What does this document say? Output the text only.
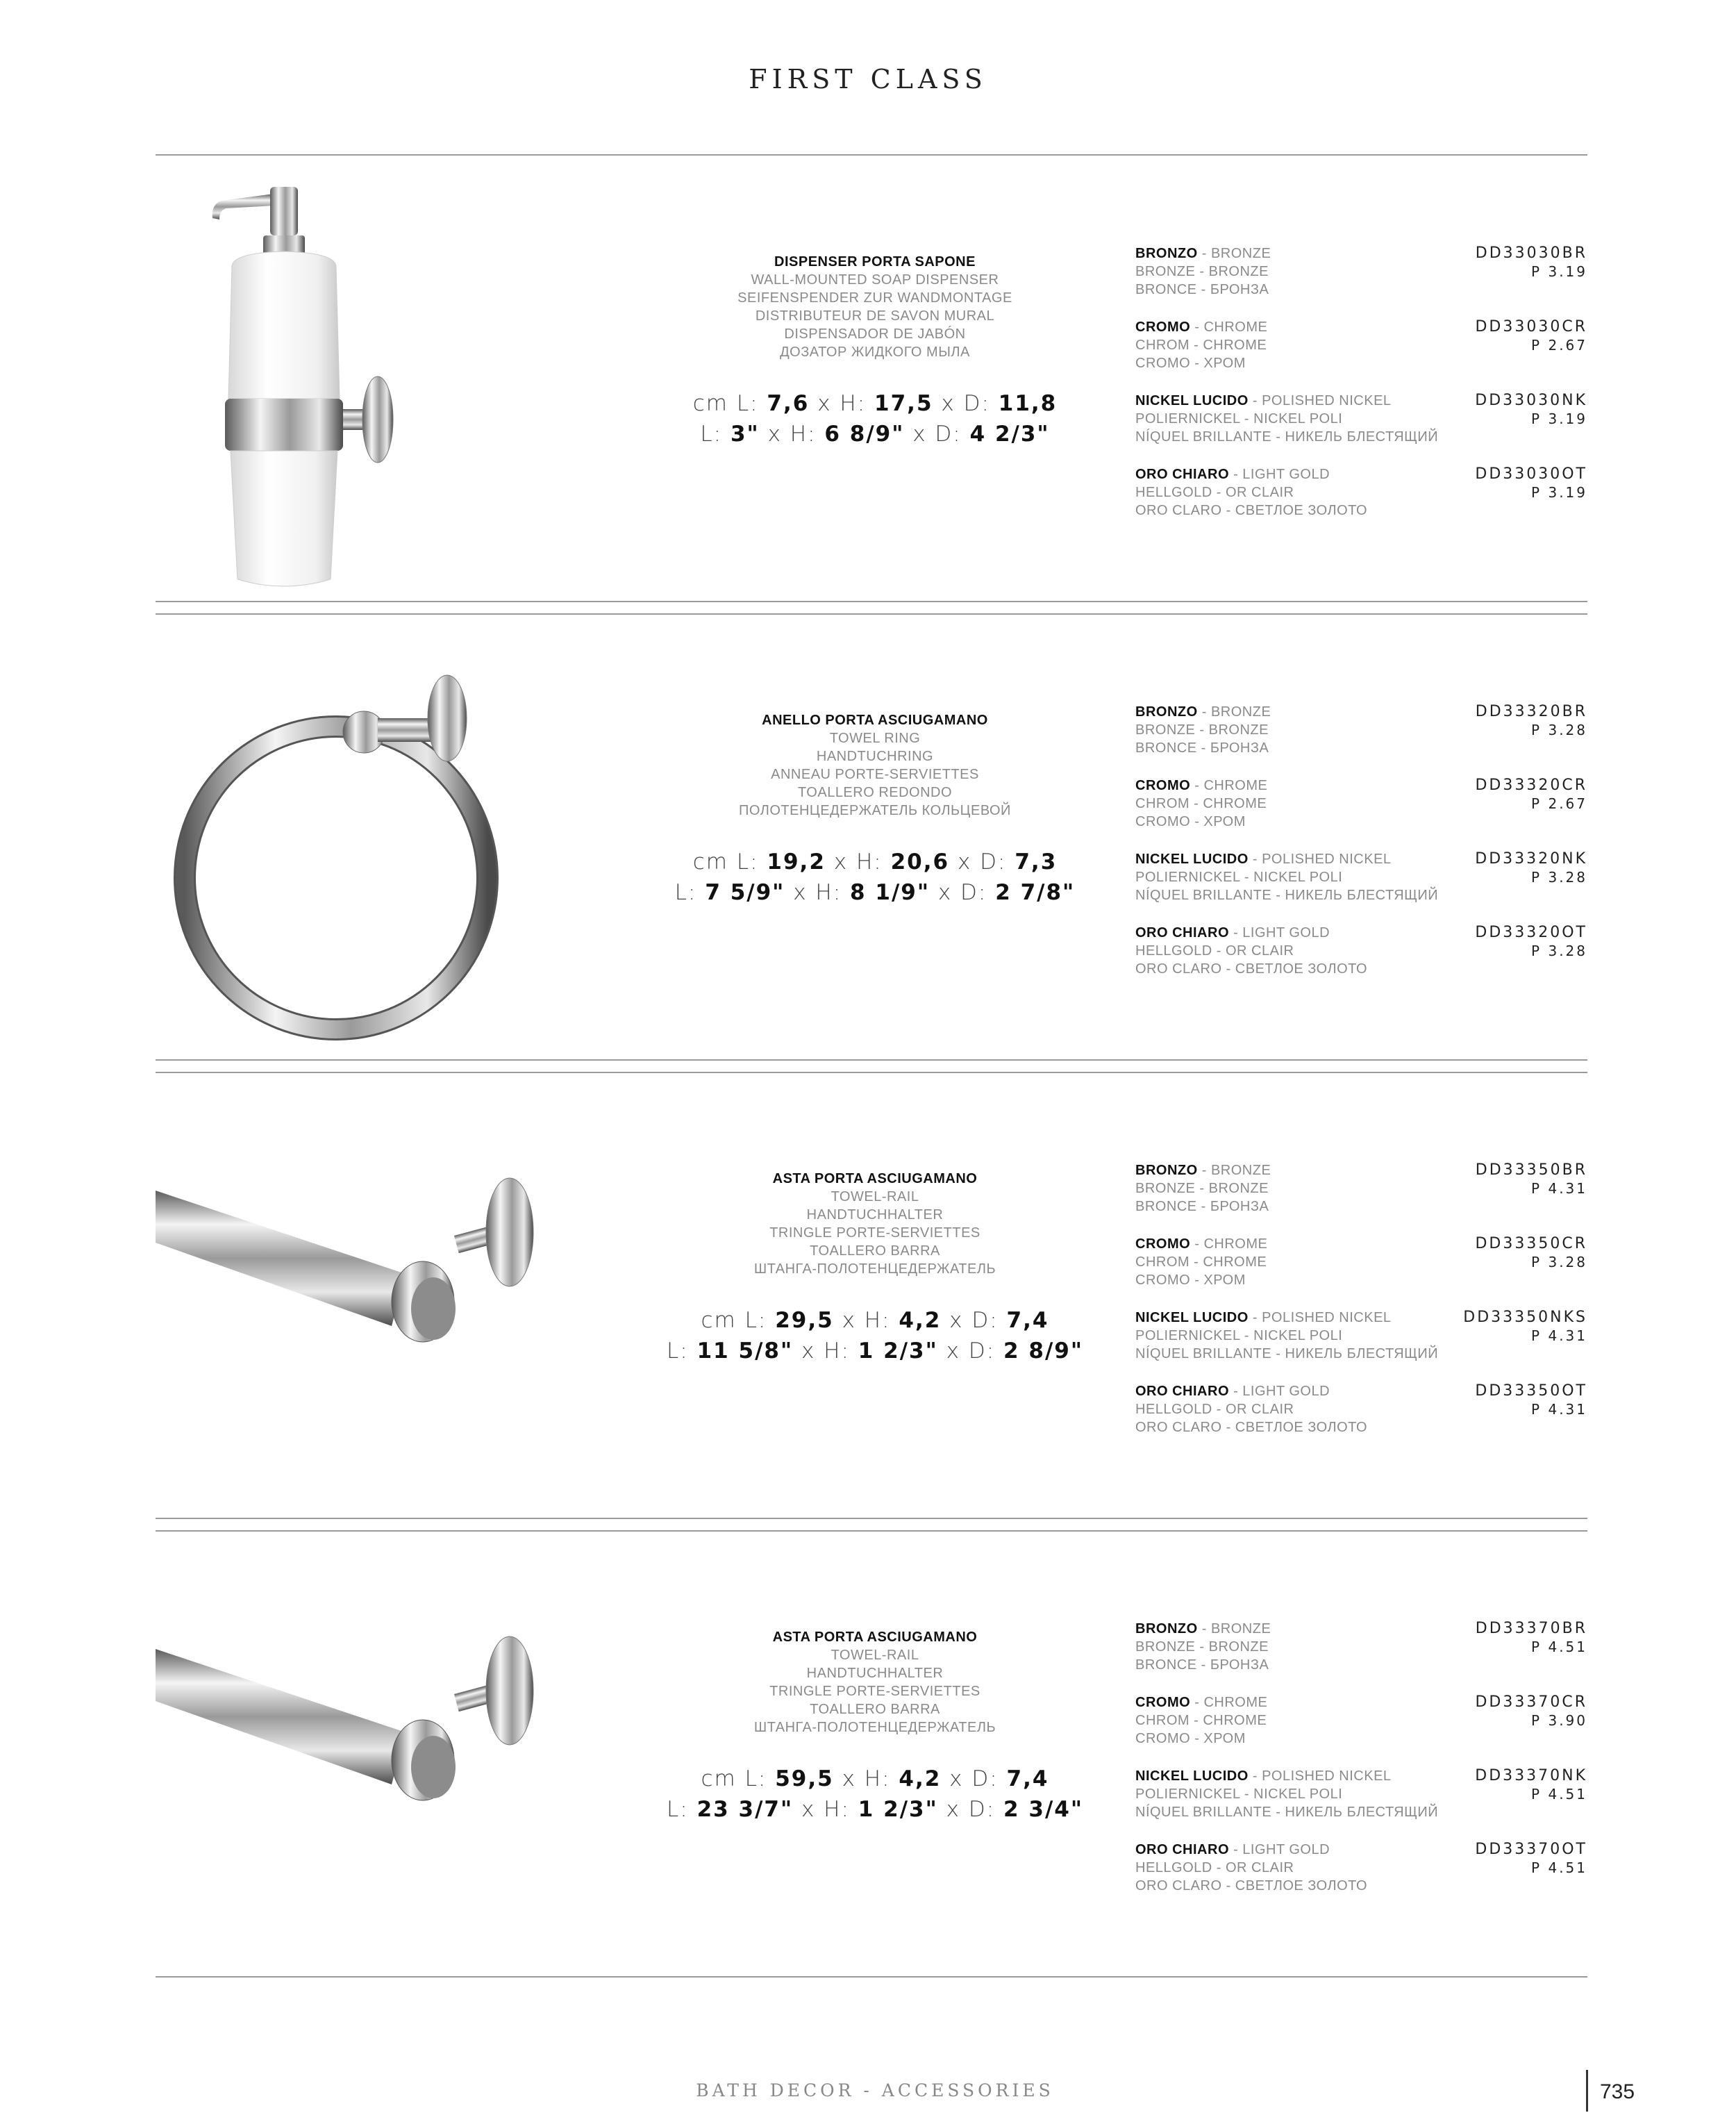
FIRST CLASS
DISPENSER PORTA SAPONE
WALL-MOUNTED SOAP DISPENSER
SEIFENSPENDER ZUR WANDMONTAGE
DISTRIBUTEUR DE SAVON MURAL
DISPENSADOR DE JABÓN
ДОЗАТОР ЖИДКОГО МЫЛА
cm L: 7,6 x H: 17,5 x D: 11,8
L: 3" x H: 6 8/9" x D: 4 2/3"
BRONZO - BRONZE
BRONZE - BRONZE
BRONCE - БРОНЗА
DD33030BR
P 3.19
CROMO - CHROME
CHROM - CHROME
CROMO - ХРОМ
DD33030CR
P 2.67
NICKEL LUCIDO - POLISHED NICKEL
POLIERNICKEL - NICKEL POLI
NÍQUEL BRILLANTE - НИКЕЛЬ БЛЕСТЯЩИЙ
DD33030NK
P 3.19
ORO CHIARO - LIGHT GOLD
HELLGOLD - OR CLAIR
ORO CLARO - СВЕТЛОЕ ЗОЛОТО
DD33030OT
P 3.19
ANELLO PORTA ASCIUGAMANO
TOWEL RING
HANDTUCHRING
ANNEAU PORTE-SERVIETTES
TOALLERO REDONDO
ПОЛОТЕНЦЕДЕРЖАТЕЛЬ КОЛЬЦЕВОЙ
cm L: 19,2 x H: 20,6 x D: 7,3
L: 7 5/9" x H: 8 1/9" x D: 2 7/8"
BRONZO - BRONZE
BRONZE - BRONZE
BRONCE - БРОНЗА
DD33320BR
P 3.28
CROMO - CHROME
CHROM - CHROME
CROMO - ХРОМ
DD33320CR
P 2.67
NICKEL LUCIDO - POLISHED NICKEL
POLIERNICKEL - NICKEL POLI
NÍQUEL BRILLANTE - НИКЕЛЬ БЛЕСТЯЩИЙ
DD33320NK
P 3.28
ORO CHIARO - LIGHT GOLD
HELLGOLD - OR CLAIR
ORO CLARO - СВЕТЛОЕ ЗОЛОТО
DD33320OT
P 3.28
ASTA PORTA ASCIUGAMANO
TOWEL-RAIL
HANDTUCHHALTER
TRINGLE PORTE-SERVIETTES
TOALLERO BARRA
ШТАНГА-ПОЛОТЕНЦЕДЕРЖАТЕЛЬ
cm L: 29,5 x H: 4,2 x D: 7,4
L: 11 5/8" x H: 1 2/3" x D: 2 8/9"
BRONZO - BRONZE
BRONZE - BRONZE
BRONCE - БРОНЗА
DD33350BR
P 4.31
CROMO - CHROME
CHROM - CHROME
CROMO - ХРОМ
DD33350CR
P 3.28
NICKEL LUCIDO - POLISHED NICKEL
POLIERNICKEL - NICKEL POLI
NÍQUEL BRILLANTE - НИКЕЛЬ БЛЕСТЯЩИЙ
DD33350NKS
P 4.31
ORO CHIARO - LIGHT GOLD
HELLGOLD - OR CLAIR
ORO CLARO - СВЕТЛОЕ ЗОЛОТО
DD33350OT
P 4.31
ASTA PORTA ASCIUGAMANO
TOWEL-RAIL
HANDTUCHHALTER
TRINGLE PORTE-SERVIETTES
TOALLERO BARRA
ШТАНГА-ПОЛОТЕНЦЕДЕРЖАТЕЛЬ
cm L: 59,5 x H: 4,2 x D: 7,4
L: 23 3/7" x H: 1 2/3" x D: 2 3/4"
BRONZO - BRONZE
BRONZE - BRONZE
BRONCE - БРОНЗА
DD33370BR
P 4.51
CROMO - CHROME
CHROM - CHROME
CROMO - ХРОМ
DD33370CR
P 3.90
NICKEL LUCIDO - POLISHED NICKEL
POLIERNICKEL - NICKEL POLI
NÍQUEL BRILLANTE - НИКЕЛЬ БЛЕСТЯЩИЙ
DD33370NK
P 4.51
ORO CHIARO - LIGHT GOLD
HELLGOLD - OR CLAIR
ORO CLARO - СВЕТЛОЕ ЗОЛОТО
DD33370OT
P 4.51
BATH DECOR - ACCESSORIES	735
